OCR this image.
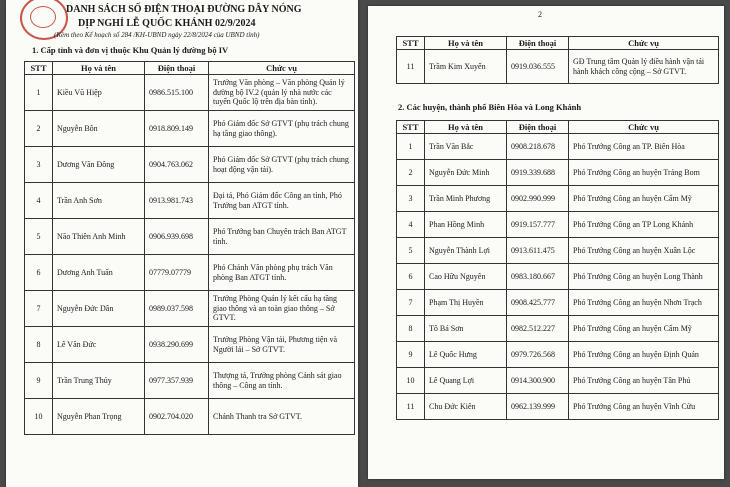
DANH SÁCH SỐ ĐIỆN THOẠI ĐƯỜNG DÂY NÓNG
DỊP NGHỈ LỄ QUỐC KHÁNH 02/9/2024
(Kèm theo Kế hoạch số 284 /KH-UBND ngày 22/8/2024 của UBND tỉnh)
1. Cấp tỉnh và đơn vị thuộc Khu Quản lý đường bộ IV
STT	Họ và tên	Điện thoại	Chức vụ
1	Kiều Vũ Hiệp	0986.515.100	Trưởng Văn phòng – Văn phòng Quản lý đường bộ IV.2 (quản lý nhà nước các tuyến Quốc lộ trên địa bàn tỉnh).
2	Nguyễn Bôn	0918.809.149	Phó Giám đốc Sở GTVT (phụ trách chung hạ tầng giao thông).
3	Dương Văn Đông	0904.763.062	Phó Giám đốc Sở GTVT (phụ trách chung hoạt động vận tải).
4	Trần Anh Sơn	0913.981.743	Đại tá, Phó Giám đốc Công an tỉnh, Phó Trưởng ban ATGT tỉnh.
5	Nāo Thiên Anh Minh	0906.939.698	Phó Trưởng ban Chuyên trách Ban ATGT tỉnh.
6	Dương Anh Tuấn	07779.07779	Phó Chánh Văn phòng phụ trách Văn phòng Ban ATGT tỉnh.
7	Nguyễn Đức Dân	0989.037.598	Trưởng Phòng Quản lý kết cấu hạ tầng giao thông và an toàn giao thông – Sở GTVT.
8	Lê Văn Đức	0938.290.699	Trưởng Phòng Vận tải, Phương tiện và Người lái – Sở GTVT.
9	Trần Trung Thủy	0977.357.939	Thượng tá, Trưởng phòng Cảnh sát giao thông – Công an tỉnh.
10	Nguyễn Phan Trọng	0902.704.020	Chánh Thanh tra Sở GTVT.
2
STT	Họ và tên	Điện thoại	Chức vụ
11	Trầm Kim Xuyến	0919.036.555	GĐ Trung tâm Quản lý điều hành vận tải hành khách công cộng – Sở GTVT.
2. Các huyện, thành phố Biên Hòa và Long Khánh
STT	Họ và tên	Điện thoại	Chức vụ
1	Trần Văn Bắc	0908.218.678	Phó Trưởng Công an TP. Biên Hòa
2	Nguyễn Đức Minh	0919.339.688	Phó Trưởng Công an huyện Trảng Bom
3	Trần Minh Phương	0902.990.999	Phó Trưởng Công an huyện Cẩm Mỹ
4	Phan Hồng Minh	0919.157.777	Phó Trưởng Công an TP Long Khánh
5	Nguyễn Thành Lợi	0913.611.475	Phó Trưởng Công an huyện Xuân Lộc
6	Cao Hữu Nguyên	0983.180.667	Phó Trưởng Công an huyện Long Thành
7	Phạm Thị Huyền	0908.425.777	Phó Trưởng Công an huyện Nhơn Trạch
8	Tô Bá Sơn	0982.512.227	Phó Trưởng Công an huyện Cẩm Mỹ
9	Lê Quốc Hưng	0979.726.568	Phó Trưởng Công an huyện Định Quán
10	Lê Quang Lợi	0914.300.900	Phó Trưởng Công an huyện Tân Phú
11	Chu Đức Kiên	0962.139.999	Phó Trưởng Công an huyện Vĩnh Cửu
